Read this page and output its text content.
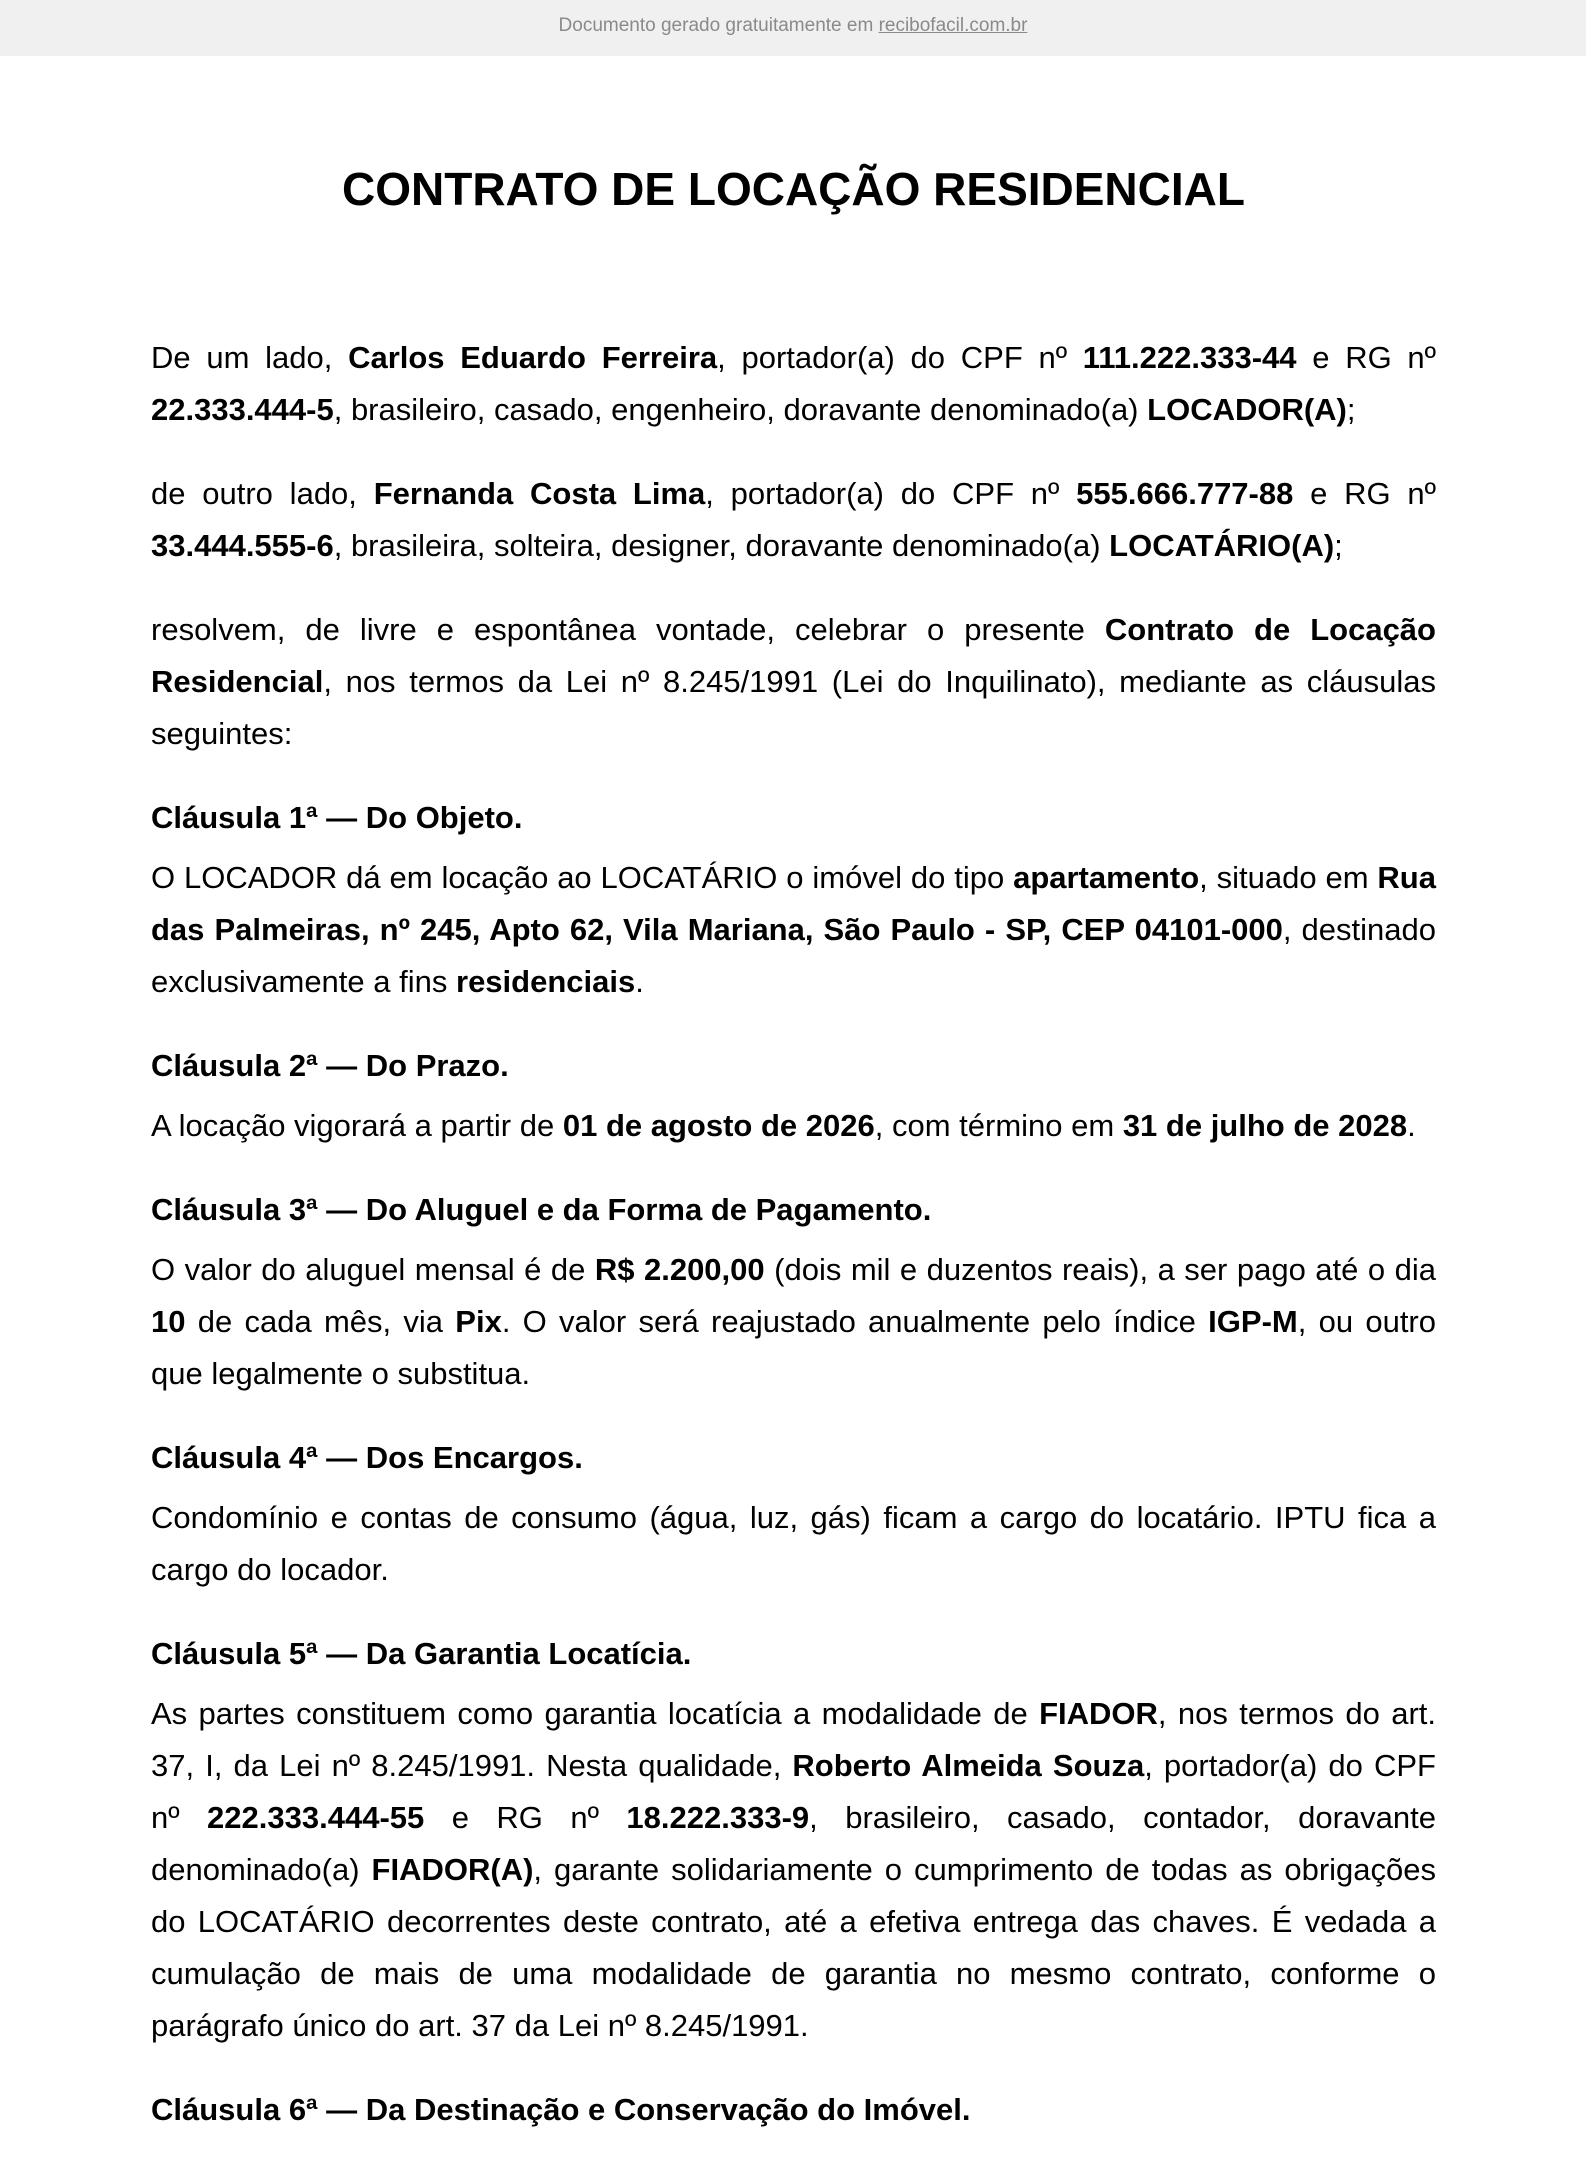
Documento gerado gratuitamente em recibofacil.com.br
CONTRATO DE LOCAÇÃO RESIDENCIAL

De um lado, Carlos Eduardo Ferreira, portador(a) do CPF nº 111.222.333-44 e RG nº 22.333.444-5, brasileiro, casado, engenheiro, doravante denominado(a) LOCADOR(A);

de outro lado, Fernanda Costa Lima, portador(a) do CPF nº 555.666.777-88 e RG nº 33.444.555-6, brasileira, solteira, designer, doravante denominado(a) LOCATÁRIO(A);

resolvem, de livre e espontânea vontade, celebrar o presente Contrato de Locação Residencial, nos termos da Lei nº 8.245/1991 (Lei do Inquilinato), mediante as cláusulas seguintes:

Cláusula 1ª — Do Objeto.

O LOCADOR dá em locação ao LOCATÁRIO o imóvel do tipo apartamento, situado em Rua das Palmeiras, nº 245, Apto 62, Vila Mariana, São Paulo - SP, CEP 04101-000, destinado exclusivamente a fins residenciais.

Cláusula 2ª — Do Prazo.

A locação vigorará a partir de 01 de agosto de 2026, com término em 31 de julho de 2028.

Cláusula 3ª — Do Aluguel e da Forma de Pagamento.

O valor do aluguel mensal é de R$ 2.200,00 (dois mil e duzentos reais), a ser pago até o dia 10 de cada mês, via Pix. O valor será reajustado anualmente pelo índice IGP-M, ou outro que legalmente o substitua.

Cláusula 4ª — Dos Encargos.

Condomínio e contas de consumo (água, luz, gás) ficam a cargo do locatário. IPTU fica a cargo do locador.

Cláusula 5ª — Da Garantia Locatícia.

As partes constituem como garantia locatícia a modalidade de FIADOR, nos termos do art. 37, I, da Lei nº 8.245/1991. Nesta qualidade, Roberto Almeida Souza, portador(a) do CPF nº 222.333.444-55 e RG nº 18.222.333-9, brasileiro, casado, contador, doravante denominado(a) FIADOR(A), garante solidariamente o cumprimento de todas as obrigações do LOCATÁRIO decorrentes deste contrato, até a efetiva entrega das chaves. É vedada a cumulação de mais de uma modalidade de garantia no mesmo contrato, conforme o parágrafo único do art. 37 da Lei nº 8.245/1991.

Cláusula 6ª — Da Destinação e Conservação do Imóvel.
